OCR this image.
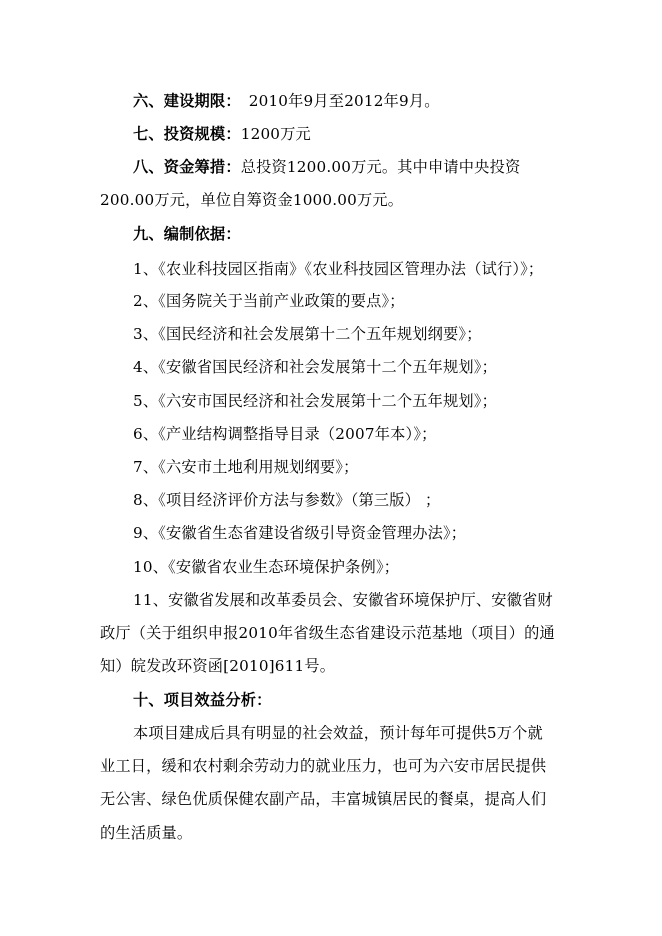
六、建设期限： 2010年9月至2012年9月。
七、投资规模：1200万元
八、资金筹措：总投资1200.00万元。其中申请中央投资
200.00万元，单位自筹资金1000.00万元。
九、编制依据：
1、《农业科技园区指南》《农业科技园区管理办法（试行）》；
2、《国务院关于当前产业政策的要点》；
3、《国民经济和社会发展第十二个五年规划纲要》；
4、《安徽省国民经济和社会发展第十二个五年规划》；
5、《六安市国民经济和社会发展第十二个五年规划》；
6、《产业结构调整指导目录（2007年本）》；
7、《六安市土地利用规划纲要》；
8、《项目经济评价方法与参数》（第三版） ；
9、《安徽省生态省建设省级引导资金管理办法》；
10、《安徽省农业生态环境保护条例》；
11、安徽省发展和改革委员会、安徽省环境保护厅、安徽省财
政厅（关于组织申报2010年省级生态省建设示范基地（项目）的通
知）皖发改环资函[2010]611号。
十、项目效益分析：
本项目建成后具有明显的社会效益，预计每年可提供5万个就
业工日，缓和农村剩余劳动力的就业压力，也可为六安市居民提供
无公害、绿色优质保健农副产品，丰富城镇居民的餐桌，提高人们
的生活质量。
